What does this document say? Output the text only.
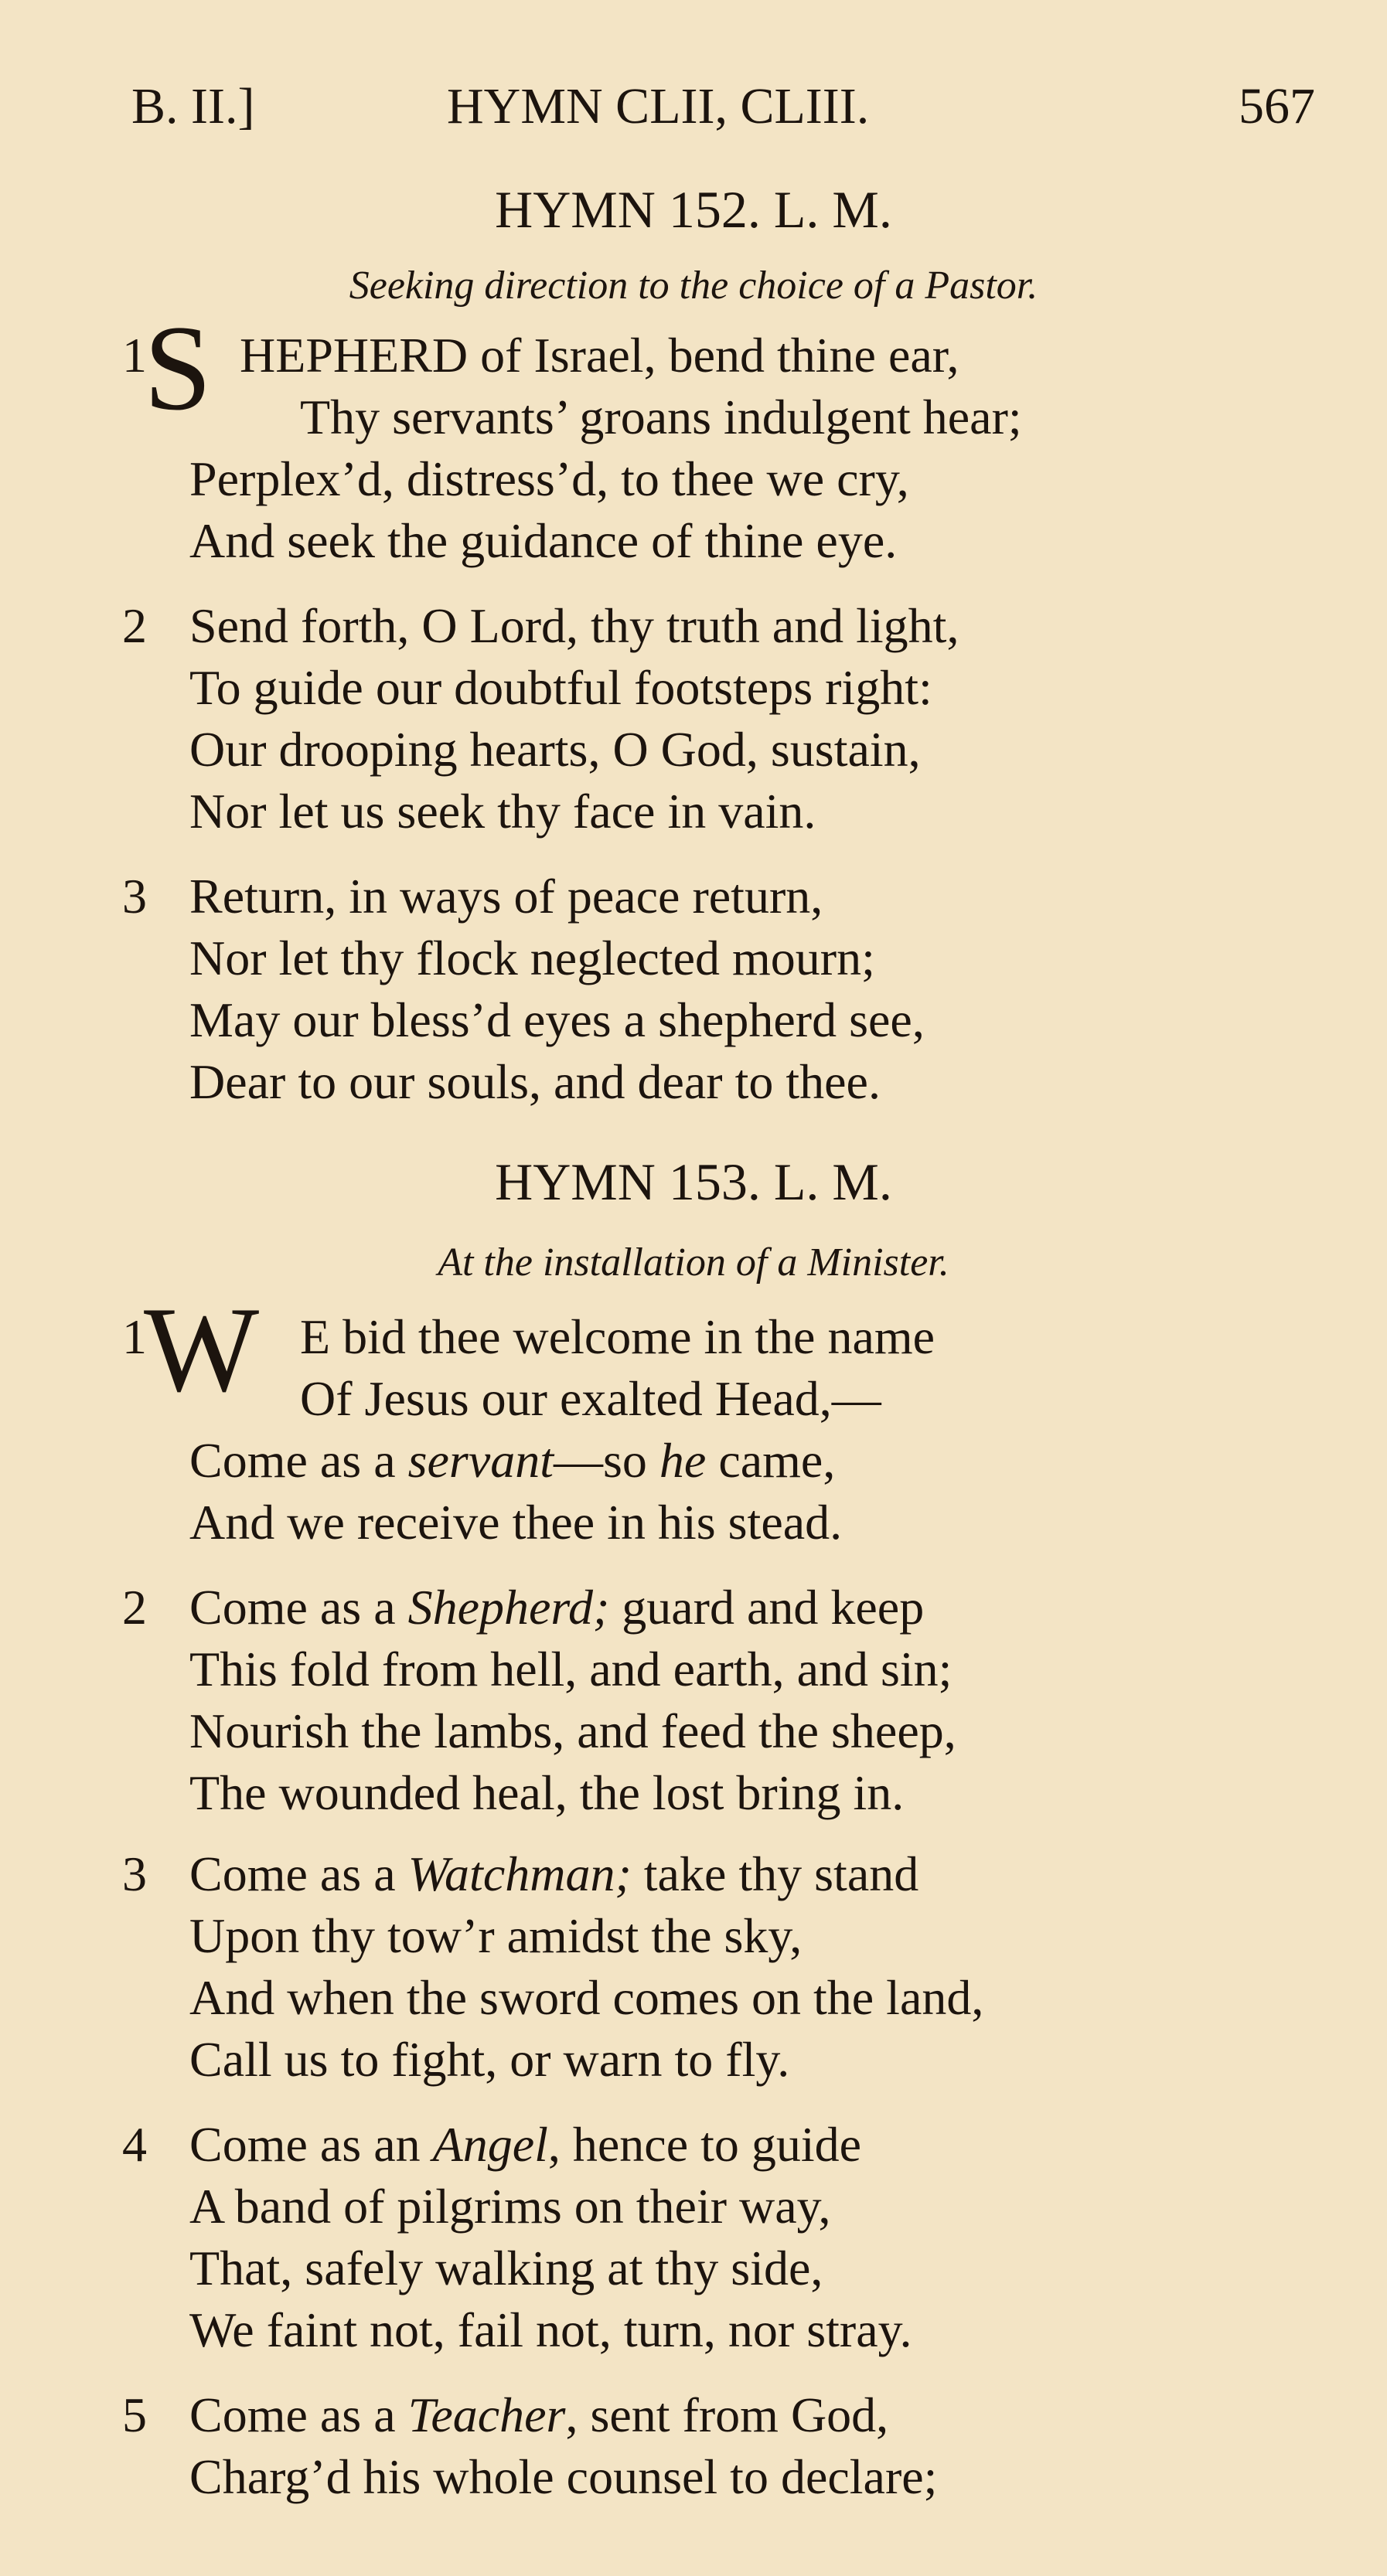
B. II.]	HYMN CLII, CLIII.	567
HYMN 152. L. M.
Seeking direction to the choice of a Pastor.
1
S HEPHERD of Israel, bend thine ear,
Thy servants’ groans indulgent hear;
Perplex’d, distress’d, to thee we cry,
And seek the guidance of thine eye.
2 Send forth, O Lord, thy truth and light,
To guide our doubtful footsteps right:
Our drooping hearts, O God, sustain,
Nor let us seek thy face in vain.
3 Return, in ways of peace return,
Nor let thy flock neglected mourn;
May our bless’d eyes a shepherd see,
Dear to our souls, and dear to thee.
HYMN 153. L. M.
At the installation of a Minister.
1
W E bid thee welcome in the name
Of Jesus our exalted Head,—
Come as a servant—so he came,
And we receive thee in his stead.
2 Come as a Shepherd; guard and keep
This fold from hell, and earth, and sin;
Nourish the lambs, and feed the sheep,
The wounded heal, the lost bring in.
3 Come as a Watchman; take thy stand
Upon thy tow’r amidst the sky,
And when the sword comes on the land,
Call us to fight, or warn to fly.
4 Come as an Angel, hence to guide
A band of pilgrims on their way,
That, safely walking at thy side,
We faint not, fail not, turn, nor stray.
5 Come as a Teacher, sent from God,
Charg’d his whole counsel to declare;
